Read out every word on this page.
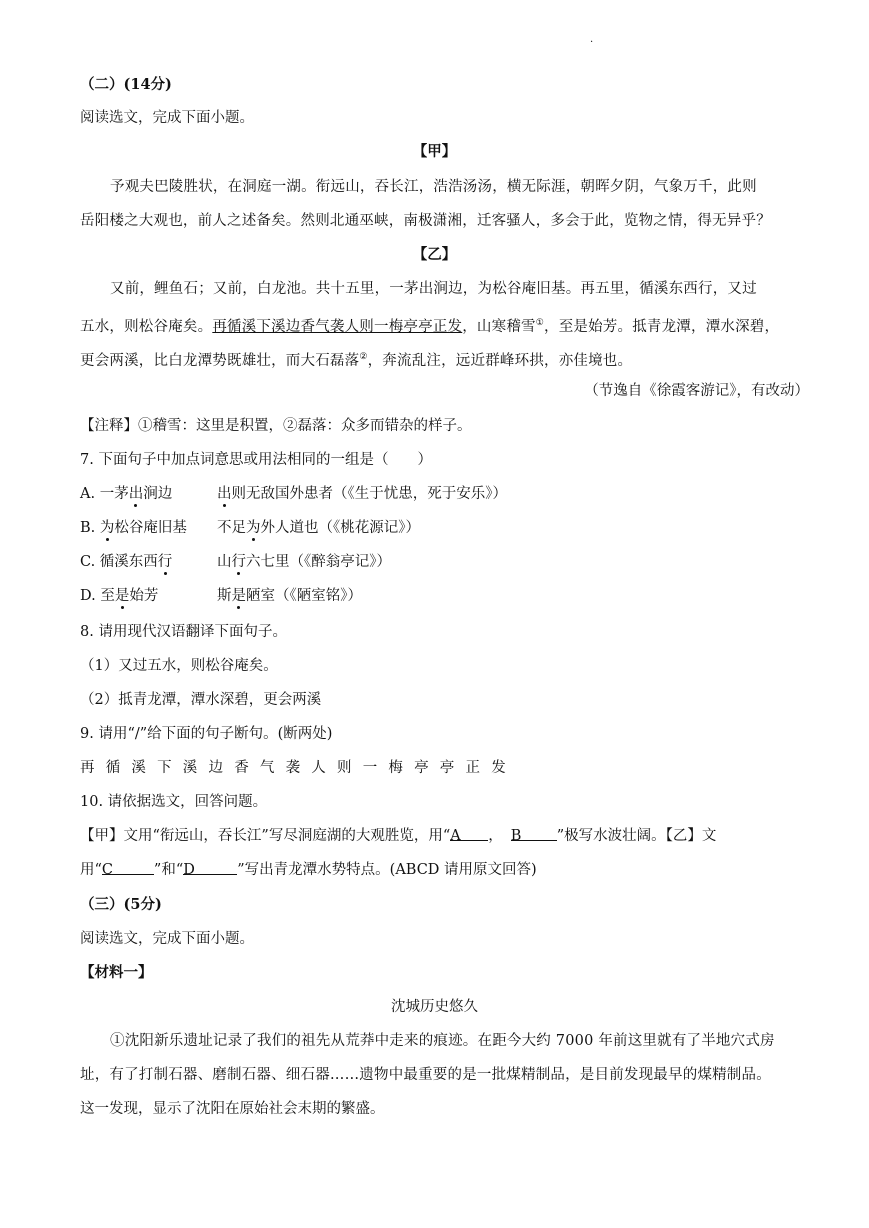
.
（二）(14分)
阅读选文，完成下面小题。
【甲】
予观夫巴陵胜状，在洞庭一湖。衔远山，吞长江，浩浩汤汤，横无际涯，朝晖夕阴，气象万千，此则
岳阳楼之大观也，前人之述备矣。然则北通巫峡，南极潇湘，迁客骚人，多会于此，览物之情，得无异乎？
【乙】
又前，鲤鱼石；又前，白龙池。共十五里，一茅出涧边，为松谷庵旧基。再五里，循溪东西行，又过
五水，则松谷庵矣。再循溪下溪边香气袭人则一梅亭亭正发，山寒稽雪①，至是始芳。抵青龙潭，潭水深碧，
更会两溪，比白龙潭势既雄壮，而大石磊落②，奔流乱注，远近群峰环拱，亦佳境也。
（节逸自《徐霞客游记》，有改动）
【注释】①稽雪：这里是积置，②磊落：众多而错杂的样子。
7. 下面句子中加点词意思或用法相同的一组是（　　）
A. 一茅出涧边	出则无敌国外患者（《生于忧患，死于安乐》）
B. 为松谷庵旧基 不足为外人道也（《桃花源记》）
C. 循溪东西行	山行六七里（《醉翁亭记》）
D. 至是始芳	斯是陋室（《陋室铭》）
8. 请用现代汉语翻译下面句子。
（1）又过五水，则松谷庵矣。
（2）抵青龙潭，潭水深碧，更会两溪
9. 请用“/”给下面的句子断句。(断两处)
再循溪下溪边香气袭人则一梅亭亭正发
10. 请依据选文，回答问题。
【甲】文用“衔远山，吞长江”写尽洞庭湖的大观胜览，用“A ， B ”极写水波壮阔。【乙】文
用“C	”和“D	”写出青龙潭水势特点。(ABCD 请用原文回答)
（三）(5分)
阅读选文，完成下面小题。
【材料一】
沈城历史悠久
①沈阳新乐遗址记录了我们的祖先从荒莽中走来的痕迹。在距今大约 7000 年前这里就有了半地穴式房
址，有了打制石器、磨制石器、细石器……遗物中最重要的是一批煤精制品，是目前发现最早的煤精制品。
这一发现，显示了沈阳在原始社会末期的繁盛。
